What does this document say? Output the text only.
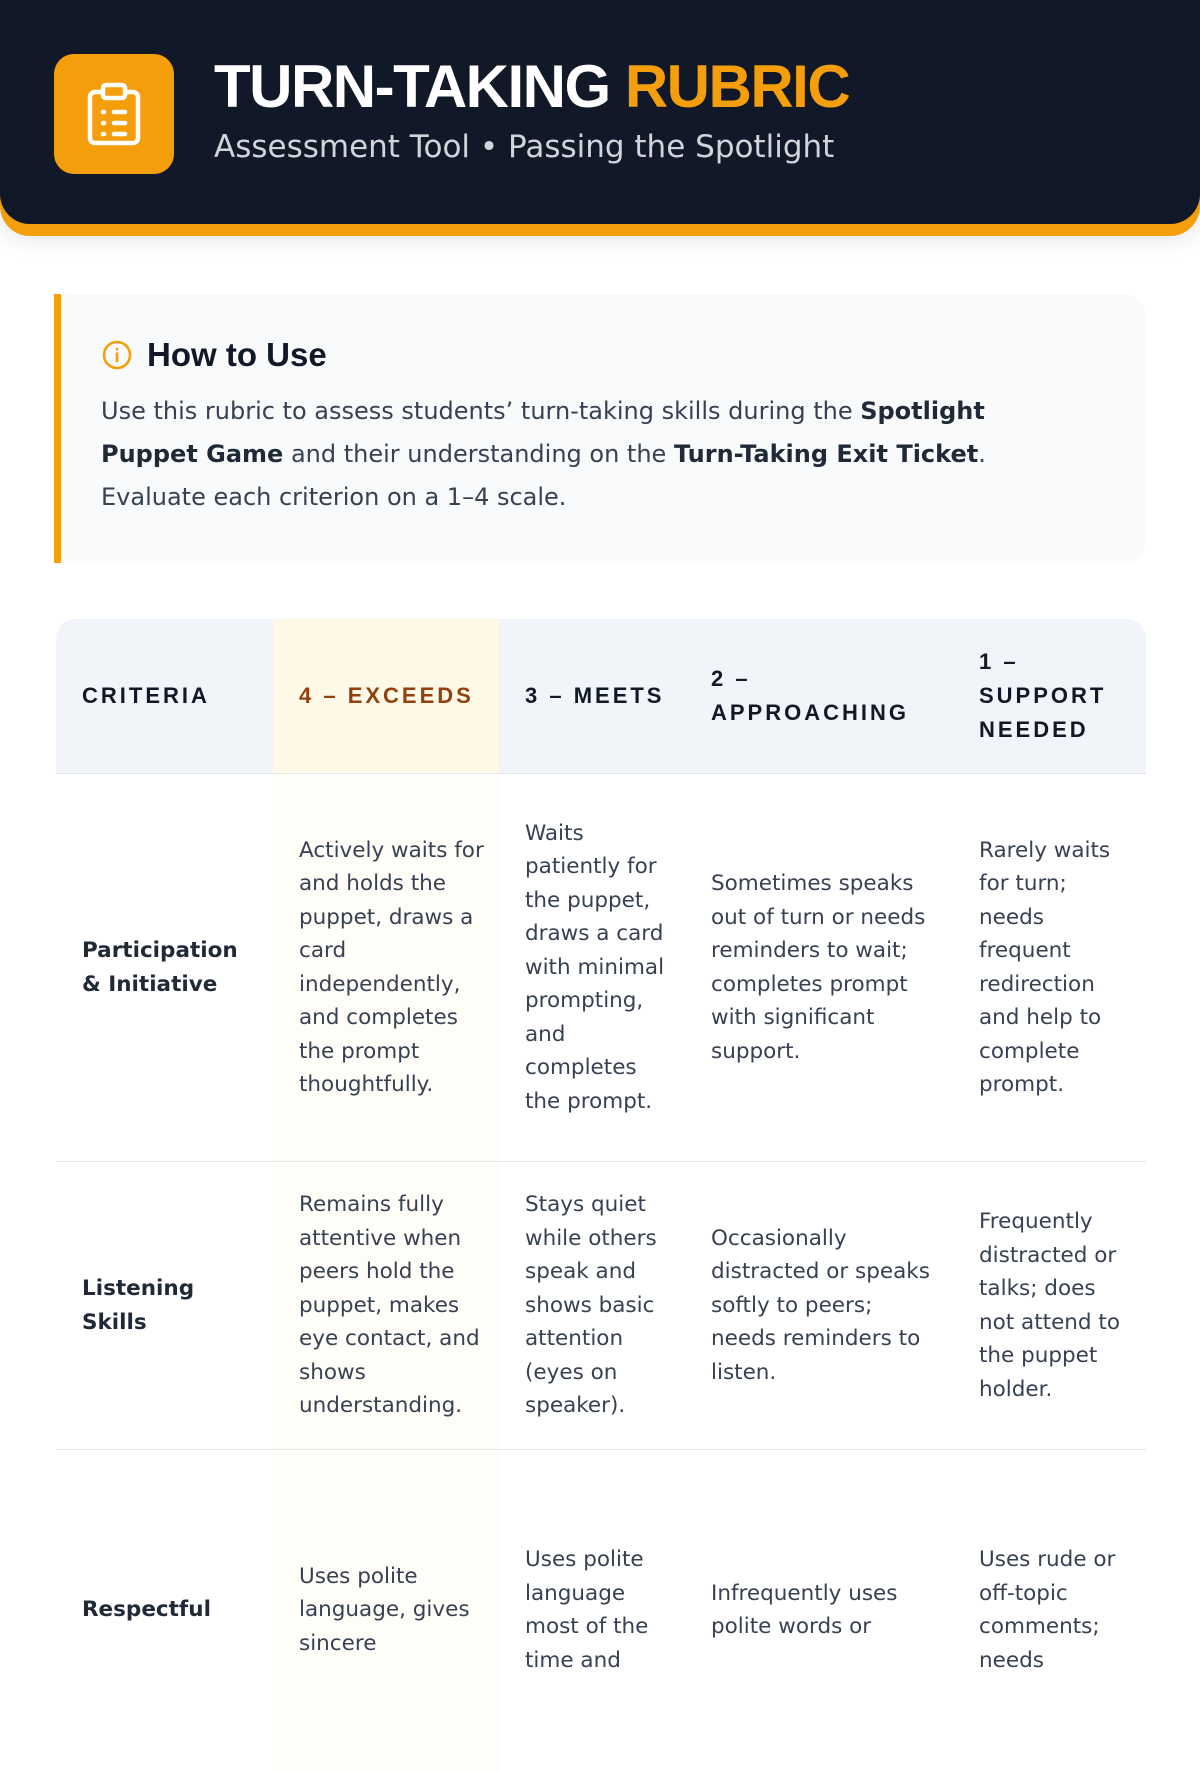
TURN-TAKING RUBRIC
Assessment Tool • Passing the Spotlight
How to Use
Use this rubric to assess students’ turn-taking skills during the Spotlight Puppet Game and their understanding on the Turn-Taking Exit Ticket. Evaluate each criterion on a 1–4 scale.
CRITERIA	4 – EXCEEDS	3 – MEETS	2 – APPROACHING	1 – SUPPORT NEEDED
Participation & Initiative	Actively waits for and holds the puppet, draws a card independently, and completes the prompt thoughtfully.	Waits patiently for the puppet, draws a card with minimal prompting, and completes the prompt.	Sometimes speaks out of turn or needs reminders to wait; completes prompt with significant support.	Rarely waits for turn; needs frequent redirection and help to complete prompt.
Listening Skills	Remains fully attentive when peers hold the puppet, makes eye contact, and shows understanding.	Stays quiet while others speak and shows basic attention (eyes on speaker).	Occasionally distracted or speaks softly to peers; needs reminders to listen.	Frequently distracted or talks; does not attend to the puppet holder.
Respectful	Uses polite language, gives sincere	Uses polite language most of the time and	Infrequently uses polite words or	Uses rude or off-topic comments; needs
